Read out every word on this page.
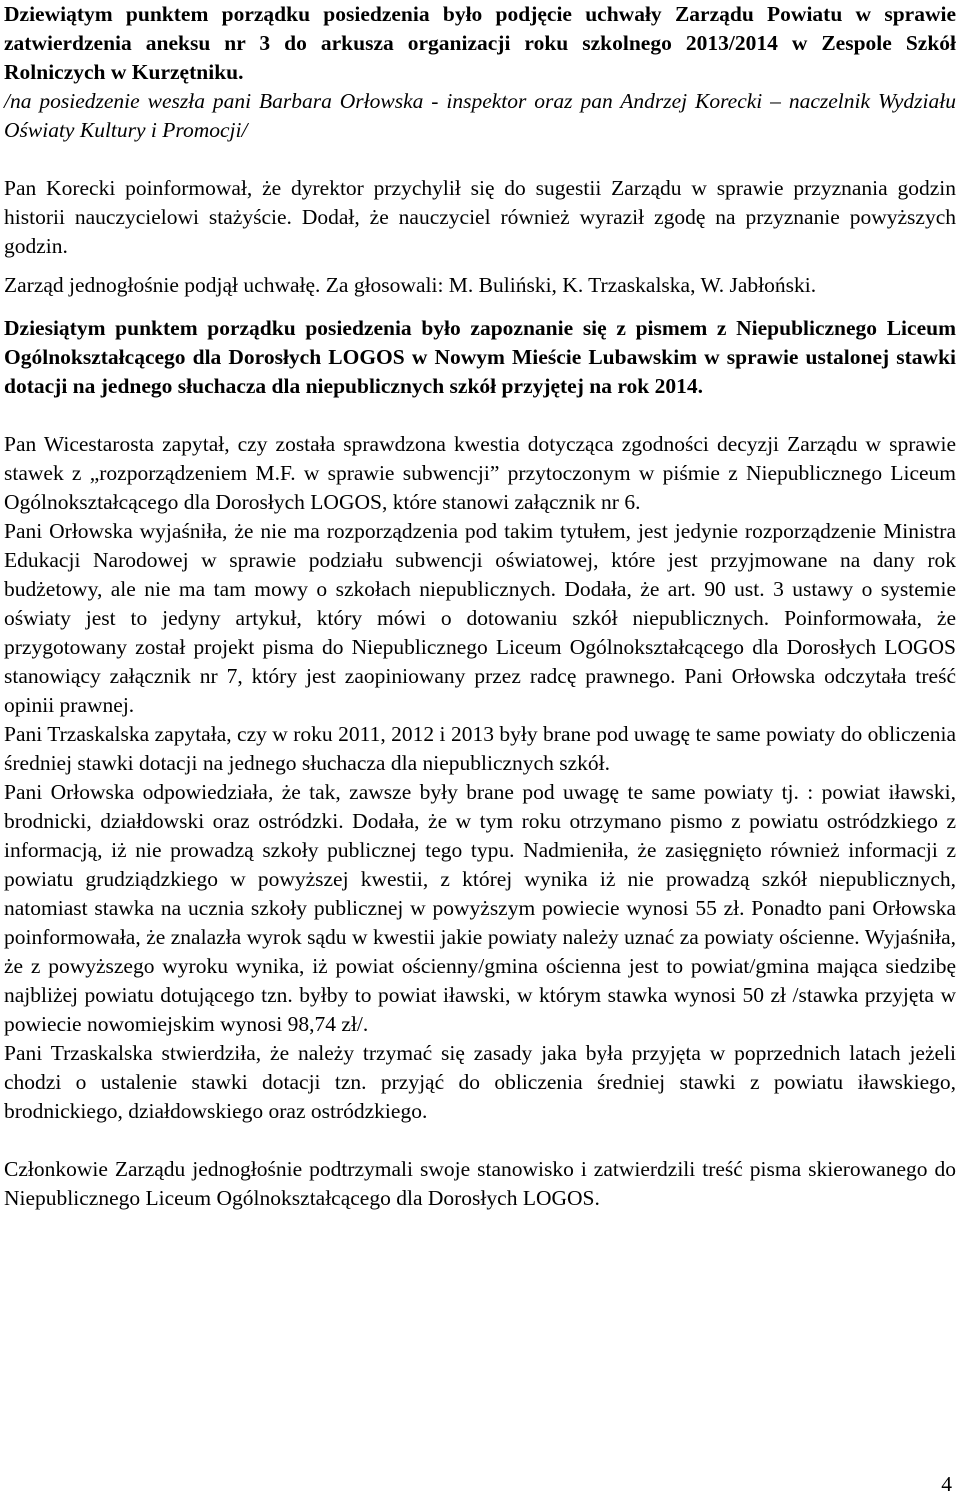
Dziewiątym punktem porządku posiedzenia było podjęcie uchwały Zarządu Powiatu w sprawie zatwierdzenia aneksu nr 3 do arkusza organizacji roku szkolnego 2013/2014 w Zespole Szkół Rolniczych w Kurzętniku.

/na posiedzenie weszła pani Barbara Orłowska - inspektor oraz pan Andrzej Korecki – naczelnik Wydziału Oświaty Kultury i Promocji/

Pan Korecki poinformował, że dyrektor przychylił się do sugestii Zarządu w sprawie przyznania godzin historii nauczycielowi stażyście. Dodał, że nauczyciel również wyraził zgodę na przyznanie powyższych godzin.

Zarząd jednogłośnie podjął uchwałę. Za głosowali: M. Buliński, K. Trzaskalska, W. Jabłoński.

Dziesiątym punktem porządku posiedzenia było zapoznanie się z pismem z Niepublicznego Liceum Ogólnokształcącego dla Dorosłych LOGOS w Nowym Mieście Lubawskim w sprawie ustalonej stawki dotacji na jednego słuchacza dla niepublicznych szkół przyjętej na rok 2014.

Pan Wicestarosta zapytał, czy została sprawdzona kwestia dotycząca zgodności decyzji Zarządu w sprawie stawek z „rozporządzeniem M.F. w sprawie subwencji” przytoczonym w piśmie z Niepublicznego Liceum Ogólnokształcącego dla Dorosłych LOGOS, które stanowi załącznik nr 6.

Pani Orłowska wyjaśniła, że nie ma rozporządzenia pod takim tytułem, jest jedynie rozporządzenie Ministra Edukacji Narodowej w sprawie podziału subwencji oświatowej, które jest przyjmowane na dany rok budżetowy, ale nie ma tam mowy o szkołach niepublicznych. Dodała, że art. 90 ust. 3 ustawy o systemie oświaty jest to jedyny artykuł, który mówi o dotowaniu szkół niepublicznych. Poinformowała, że przygotowany został projekt pisma do Niepublicznego Liceum Ogólnokształcącego dla Dorosłych LOGOS stanowiący załącznik nr 7, który jest zaopiniowany przez radcę prawnego. Pani Orłowska odczytała treść opinii prawnej.

Pani Trzaskalska zapytała, czy w roku 2011, 2012 i 2013 były brane pod uwagę te same powiaty do obliczenia średniej stawki dotacji na jednego słuchacza dla niepublicznych szkół.

Pani Orłowska odpowiedziała, że tak, zawsze były brane pod uwagę te same powiaty tj. : powiat iławski, brodnicki, działdowski oraz ostródzki. Dodała, że w tym roku otrzymano pismo z powiatu ostródzkiego z informacją, iż nie prowadzą szkoły publicznej tego typu. Nadmieniła, że zasięgnięto również informacji z powiatu grudziądzkiego w powyższej kwestii, z której wynika iż nie prowadzą szkół niepublicznych, natomiast stawka na ucznia szkoły publicznej w powyższym powiecie wynosi 55 zł. Ponadto pani Orłowska poinformowała, że znalazła wyrok sądu w kwestii jakie powiaty należy uznać za powiaty ościenne. Wyjaśniła, że z powyższego wyroku wynika, iż powiat ościenny/gmina ościenna jest to powiat/gmina mająca siedzibę najbliżej powiatu dotującego tzn. byłby to powiat iławski, w którym stawka wynosi 50 zł /stawka przyjęta w powiecie nowomiejskim wynosi 98,74 zł/.

Pani Trzaskalska stwierdziła, że należy trzymać się zasady jaka była przyjęta w poprzednich latach jeżeli chodzi o ustalenie stawki dotacji tzn. przyjąć do obliczenia średniej stawki z powiatu iławskiego, brodnickiego, działdowskiego oraz ostródzkiego.

Członkowie Zarządu jednogłośnie podtrzymali swoje stanowisko i zatwierdzili treść pisma skierowanego do Niepublicznego Liceum Ogólnokształcącego dla Dorosłych LOGOS.

4
